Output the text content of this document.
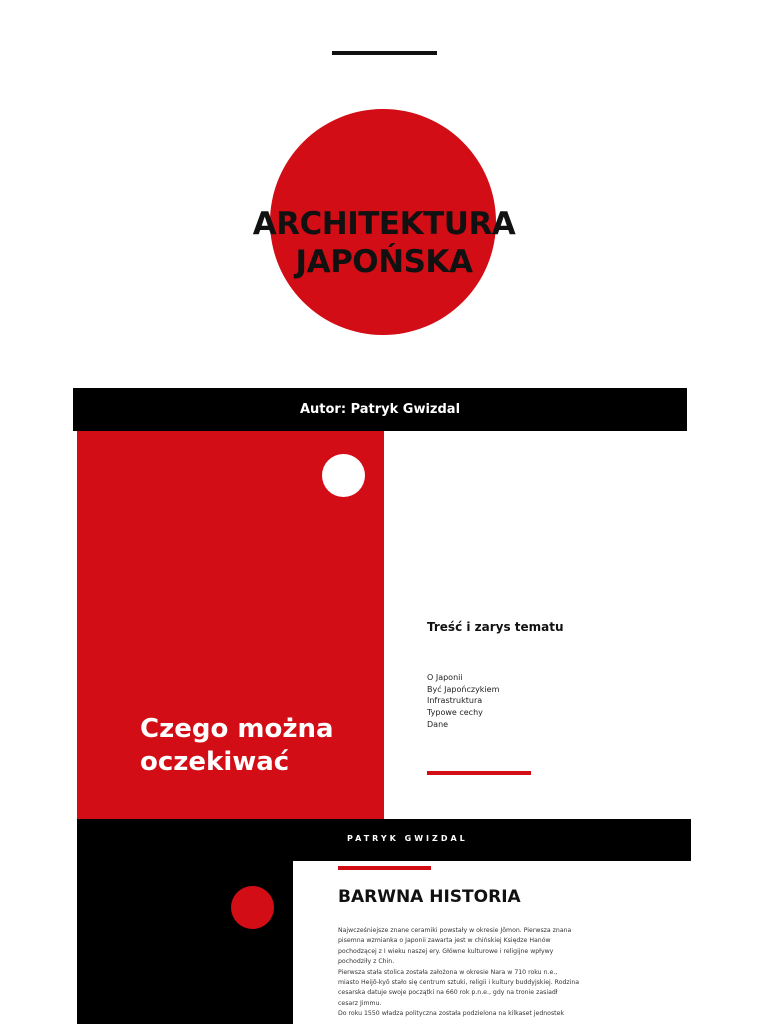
ARCHITEKTURA
JAPOŃSKA
Autor: Patryk Gwizdal
Czego można oczekiwać
Treść i zarys tematu
O Japonii
Być Japończykiem
Infrastruktura
Typowe cechy
Dane
PATRYK GWIZDAL
BARWNA HISTORIA

Najwcześniejsze znane ceramiki powstały w okresie Jōmon. Pierwsza znana

pisemna wzmianka o Japonii zawarta jest w chińskiej Księdze Hanów

pochodzącej z I wieku naszej ery. Główne kulturowe i religijne wpływy

pochodziły z Chin.

Pierwsza stała stolica została założona w okresie Nara w 710 roku n.e.,

miasto Heijō-kyō stało się centrum sztuki, religii i kultury buddyjskiej. Rodzina

cesarska datuje swoje początki na 660 rok p.n.e., gdy na tronie zasiadł

cesarz Jimmu.

Do roku 1550 władza polityczna została podzielona na kilkaset jednostek
